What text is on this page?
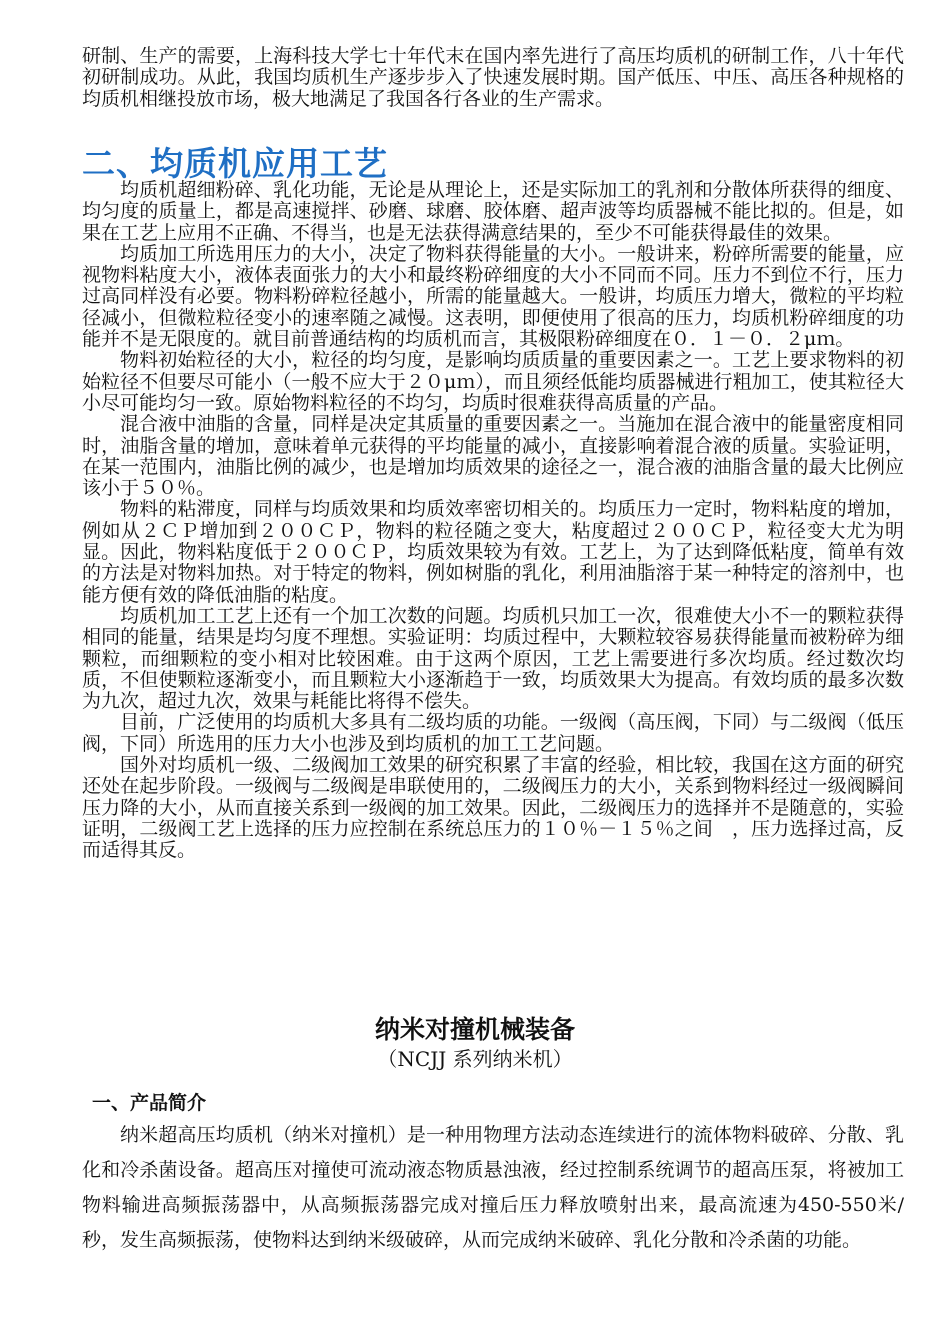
研制、生产的需要，上海科技大学七十年代末在国内率先进行了高压均质机的研制工作，八十年代初研制成功。从此，我国均质机生产逐步步入了快速发展时期。国产低压、中压、高压各种规格的均质机相继投放市场，极大地满足了我国各行各业的生产需求。

二、均质机应用工艺

均质机超细粉碎、乳化功能，无论是从理论上，还是实际加工的乳剂和分散体所获得的细度、均匀度的质量上，都是高速搅拌、砂磨、球磨、胶体磨、超声波等均质器械不能比拟的。但是，如果在工艺上应用不正确、不得当，也是无法获得满意结果的，至少不可能获得最佳的效果。

均质加工所选用压力的大小，决定了物料获得能量的大小。一般讲来，粉碎所需要的能量，应视物料粘度大小，液体表面张力的大小和最终粉碎细度的大小不同而不同。压力不到位不行，压力过高同样没有必要。物料粉碎粒径越小，所需的能量越大。一般讲，均质压力增大，微粒的平均粒径减小，但微粒粒径变小的速率随之减慢。这表明，即便使用了很高的压力，均质机粉碎细度的功能并不是无限度的。就目前普通结构的均质机而言，其极限粉碎细度在０．１－０．２μｍ。

物料初始粒径的大小，粒径的均匀度，是影响均质质量的重要因素之一。工艺上要求物料的初始粒径不但要尽可能小（一般不应大于２０μｍ），而且须经低能均质器械进行粗加工，使其粒径大小尽可能均匀一致。原始物料粒径的不均匀，均质时很难获得高质量的产品。

混合液中油脂的含量，同样是决定其质量的重要因素之一。当施加在混合液中的能量密度相同时，油脂含量的增加，意味着单元获得的平均能量的减小，直接影响着混合液的质量。实验证明，在某一范围内，油脂比例的减少，也是增加均质效果的途径之一，混合液的油脂含量的最大比例应该小于５０％。

物料的粘滞度，同样与均质效果和均质效率密切相关的。均质压力一定时，物料粘度的增加，例如从２ＣＰ增加到２００ＣＰ，物料的粒径随之变大，粘度超过２００ＣＰ，粒径变大尤为明显。因此，物料粘度低于２００ＣＰ，均质效果较为有效。工艺上，为了达到降低粘度，简单有效的方法是对物料加热。对于特定的物料，例如树脂的乳化，利用油脂溶于某一种特定的溶剂中，也能方便有效的降低油脂的粘度。

均质机加工工艺上还有一个加工次数的问题。均质机只加工一次，很难使大小不一的颗粒获得相同的能量，结果是均匀度不理想。实验证明：均质过程中，大颗粒较容易获得能量而被粉碎为细颗粒，而细颗粒的变小相对比较困难。由于这两个原因，工艺上需要进行多次均质。经过数次均质，不但使颗粒逐渐变小，而且颗粒大小逐渐趋于一致，均质效果大为提高。有效均质的最多次数为九次，超过九次，效果与耗能比将得不偿失。

目前，广泛使用的均质机大多具有二级均质的功能。一级阀（高压阀，下同）与二级阀（低压阀，下同）所选用的压力大小也涉及到均质机的加工工艺问题。

国外对均质机一级、二级阀加工效果的研究积累了丰富的经验，相比较，我国在这方面的研究还处在起步阶段。一级阀与二级阀是串联使用的，二级阀压力的大小，关系到物料经过一级阀瞬间压力降的大小，从而直接关系到一级阀的加工效果。因此，二级阀压力的选择并不是随意的，实验证明，二级阀工艺上选择的压力应控制在系统总压力的１０％－１５％之间　，压力选择过高，反而适得其反。

纳米对撞机械装备
（NCJJ 系列纳米机）
一、产品简介

纳米超高压均质机（纳米对撞机）是一种用物理方法动态连续进行的流体物料破碎、分散、乳化和冷杀菌设备。超高压对撞使可流动液态物质悬浊液，经过控制系统调节的超高压泵，将被加工物料输进高频振荡器中，从高频振荡器完成对撞后压力释放喷射出来，最高流速为450-550米/秒，发生高频振荡，使物料达到纳米级破碎，从而完成纳米破碎、乳化分散和冷杀菌的功能。
